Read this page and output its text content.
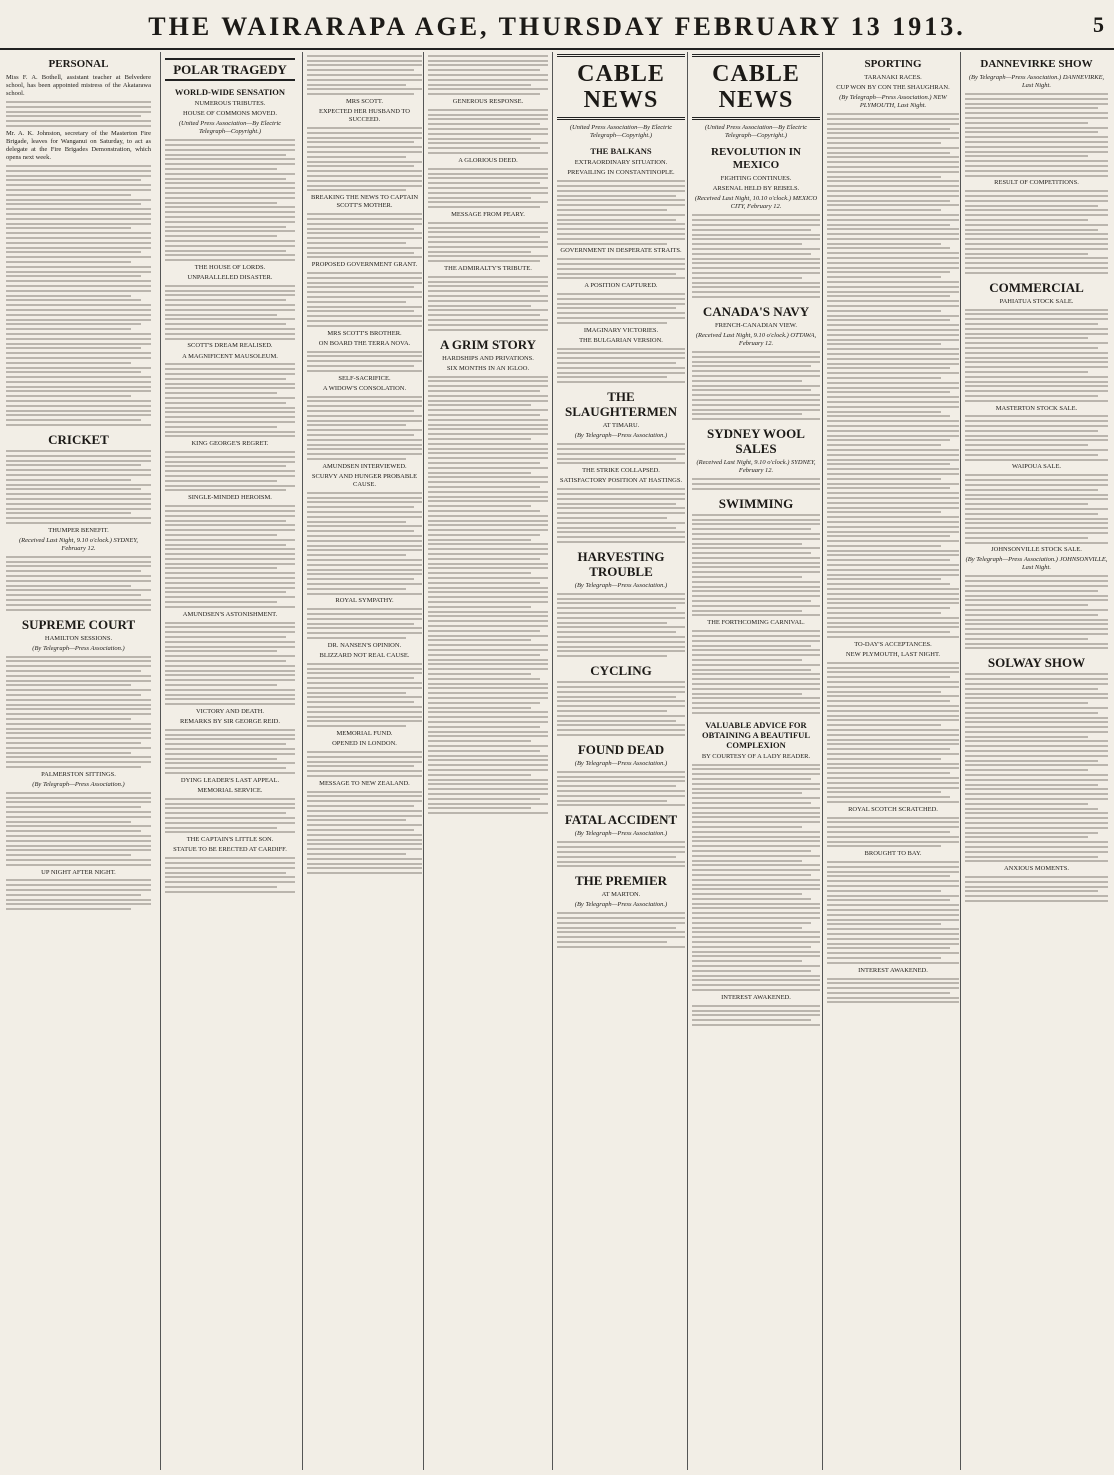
THE WAIRARAPA AGE, THURSDAY FEBRUARY 13 1913.	5
PERSONAL
Miss F. A. Bothell, assistant teacher at Belvedere school, has been appointed mistress of the Akatarawa school.
Mr. A. K. Johnston, secretary of the Masterton Fire Brigade, leaves for Wanganui on Saturday, to act as delegate at the Fire Brigades Demonstration, which opens next week.
CRICKET
THUMPER BENEFIT.
(Received Last Night, 9.10 o'clock.) SYDNEY, February 12.
SUPREME COURT
HAMILTON SESSIONS.
(By Telegraph—Press Association.)
PALMERSTON SITTINGS.
(By Telegraph—Press Association.)
UP NIGHT AFTER NIGHT.
POLAR TRAGEDY
WORLD-WIDE SENSATION
NUMEROUS TRIBUTES.
HOUSE OF COMMONS MOVED.
(United Press Association—By Electric Telegraph—Copyright.)
THE HOUSE OF LORDS.
UNPARALLELED DISASTER.
SCOTT'S DREAM REALISED.
A MAGNIFICENT MAUSOLEUM.
KING GEORGE'S REGRET.
SINGLE-MINDED HEROISM.
AMUNDSEN'S ASTONISHMENT.
VICTORY AND DEATH.
REMARKS BY SIR GEORGE REID.
DYING LEADER'S LAST APPEAL.
MEMORIAL SERVICE.
THE CAPTAIN'S LITTLE SON.
STATUE TO BE ERECTED AT CARDIFF.
MRS SCOTT.
EXPECTED HER HUSBAND TO SUCCEED.
BREAKING THE NEWS TO CAPTAIN SCOTT'S MOTHER.
PROPOSED GOVERNMENT GRANT.
MRS SCOTT'S BROTHER.
ON BOARD THE TERRA NOVA.
SELF-SACRIFICE.
A WIDOW'S CONSOLATION.
AMUNDSEN INTERVIEWED.
SCURVY AND HUNGER PROBABLE CAUSE.
ROYAL SYMPATHY.
DR. NANSEN'S OPINION.
BLIZZARD NOT REAL CAUSE.
MEMORIAL FUND.
OPENED IN LONDON.
MESSAGE TO NEW ZEALAND.
GENEROUS RESPONSE.
A GLORIOUS DEED.
MESSAGE FROM PEARY.
THE ADMIRALTY'S TRIBUTE.
A GRIM STORY
HARDSHIPS AND PRIVATIONS.
SIX MONTHS IN AN IGLOO.
CABLE NEWS
(United Press Association—By Electric Telegraph—Copyright.)
THE BALKANS
EXTRAORDINARY SITUATION.
PREVAILING IN CONSTANTINOPLE.
GOVERNMENT IN DESPERATE STRAITS.
A POSITION CAPTURED.
IMAGINARY VICTORIES.
THE BULGARIAN VERSION.
THE SLAUGHTERMEN
AT TIMARU.
(By Telegraph—Press Association.)
THE STRIKE COLLAPSED.
SATISFACTORY POSITION AT HASTINGS.
HARVESTING TROUBLE
(By Telegraph—Press Association.)
CYCLING
FOUND DEAD
(By Telegraph—Press Association.)
FATAL ACCIDENT
(By Telegraph—Press Association.)
THE PREMIER
AT MARTON.
(By Telegraph—Press Association.)
CABLE NEWS
(United Press Association—By Electric Telegraph—Copyright.)
REVOLUTION IN MEXICO
FIGHTING CONTINUES.
ARSENAL HELD BY REBELS.
(Received Last Night, 10.10 o'clock.) MEXICO CITY, February 12.
CANADA'S NAVY
FRENCH-CANADIAN VIEW.
(Received Last Night, 9.10 o'clock.) OTTAWA, February 12.
SYDNEY WOOL SALES
(Received Last Night, 9.10 o'clock.) SYDNEY, February 12.
SWIMMING
THE FORTHCOMING CARNIVAL.
VALUABLE ADVICE FOR OBTAINING A BEAUTIFUL COMPLEXION
BY COURTESY OF A LADY READER.
INTEREST AWAKENED.
SPORTING
TARANAKI RACES.
CUP WON BY CON THE SHAUGHRAN.
(By Telegraph—Press Association.) NEW PLYMOUTH, Last Night.
TO-DAY'S ACCEPTANCES.
NEW PLYMOUTH, LAST NIGHT.
ROYAL SCOTCH SCRATCHED.
BROUGHT TO BAY.
INTEREST AWAKENED.
DANNEVIRKE SHOW
(By Telegraph—Press Association.) DANNEVIRKE, Last Night.
RESULT OF COMPETITIONS.
COMMERCIAL
PAHIATUA STOCK SALE.
MASTERTON STOCK SALE.
WAIPOUA SALE.
JOHNSONVILLE STOCK SALE.
(By Telegraph—Press Association.) JOHNSONVILLE, Last Night.
SOLWAY SHOW
ANXIOUS MOMENTS.
